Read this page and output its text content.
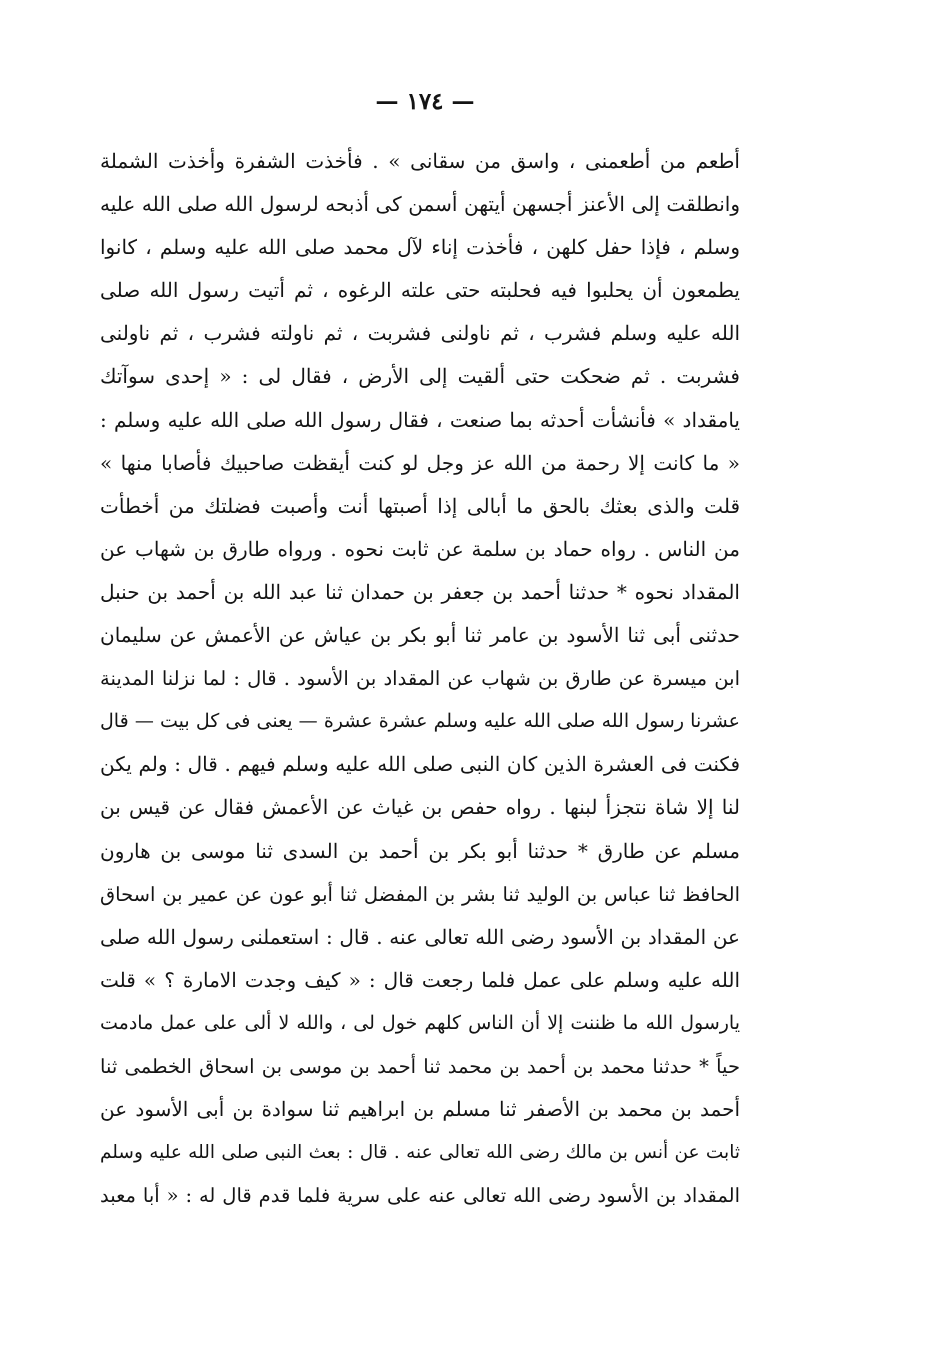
— ١٧٤ —
أطعم من أطعمنى ، واسق من سقانى » . فأخذت الشفرة وأخذت الشملة
وانطلقت إلى الأعنز أجسهن أيتهن أسمن كى أذبحه لرسول الله صلى الله عليه
وسلم ، فإذا حفل كلهن ، فأخذت إناء لآل محمد صلى الله عليه وسلم ، كانوا
يطمعون أن يحلبوا فيه فحلبته حتى علته الرغوه ، ثم أتيت رسول الله صلى
الله عليه وسلم فشرب ، ثم ناولنى فشربت ، ثم ناولته فشرب ، ثم ناولنى
فشربت . ثم ضحكت حتى ألقيت إلى الأرض ، فقال لى : « إحدى سوآتك
يامقداد » فأنشأت أحدثه بما صنعت ، فقال رسول الله صلى الله عليه وسلم :
« ما كانت إلا رحمة من الله عز وجل لو كنت أيقظت صاحبيك فأصابا منها »
قلت والذى بعثك بالحق ما أبالى إذا أصبتها أنت وأصبت فضلتك من أخطأت
من الناس . رواه حماد بن سلمة عن ثابت نحوه . ورواه طارق بن شهاب عن
المقداد نحوه * حدثنا أحمد بن جعفر بن حمدان ثنا عبد الله بن أحمد بن حنبل
حدثنى أبى ثنا الأسود بن عامر ثنا أبو بكر بن عياش عن الأعمش عن سليمان
ابن ميسرة عن طارق بن شهاب عن المقداد بن الأسود . قال : لما نزلنا المدينة
عشرنا رسول الله صلى الله عليه وسلم عشرة عشرة — يعنى فى كل بيت — قال
فكنت فى العشرة الذين كان النبى صلى الله عليه وسلم فيهم . قال : ولم يكن
لنا إلا شاة نتجزأ لبنها . رواه حفص بن غياث عن الأعمش فقال عن قيس بن
مسلم عن طارق * حدثنا أبو بكر بن أحمد بن السدى ثنا موسى بن هارون
الحافظ ثنا عباس بن الوليد ثنا بشر بن المفضل ثنا أبو عون عن عمير بن اسحاق
عن المقداد بن الأسود رضى الله تعالى عنه . قال : استعملنى رسول الله صلى
الله عليه وسلم على عمل فلما رجعت قال : « كيف وجدت الامارة ؟ » قلت
يارسول الله ما ظننت إلا أن الناس كلهم خول لى ، والله لا ألى على عمل مادمت
حياً * حدثنا محمد بن أحمد بن محمد ثنا أحمد بن موسى بن اسحاق الخطمى ثنا
أحمد بن محمد بن الأصفر ثنا مسلم بن ابراهيم ثنا سوادة بن أبى الأسود عن
ثابت عن أنس بن مالك رضى الله تعالى عنه . قال : بعث النبى صلى الله عليه وسلم
المقداد بن الأسود رضى الله تعالى عنه على سرية فلما قدم قال له : « أبا معبد
